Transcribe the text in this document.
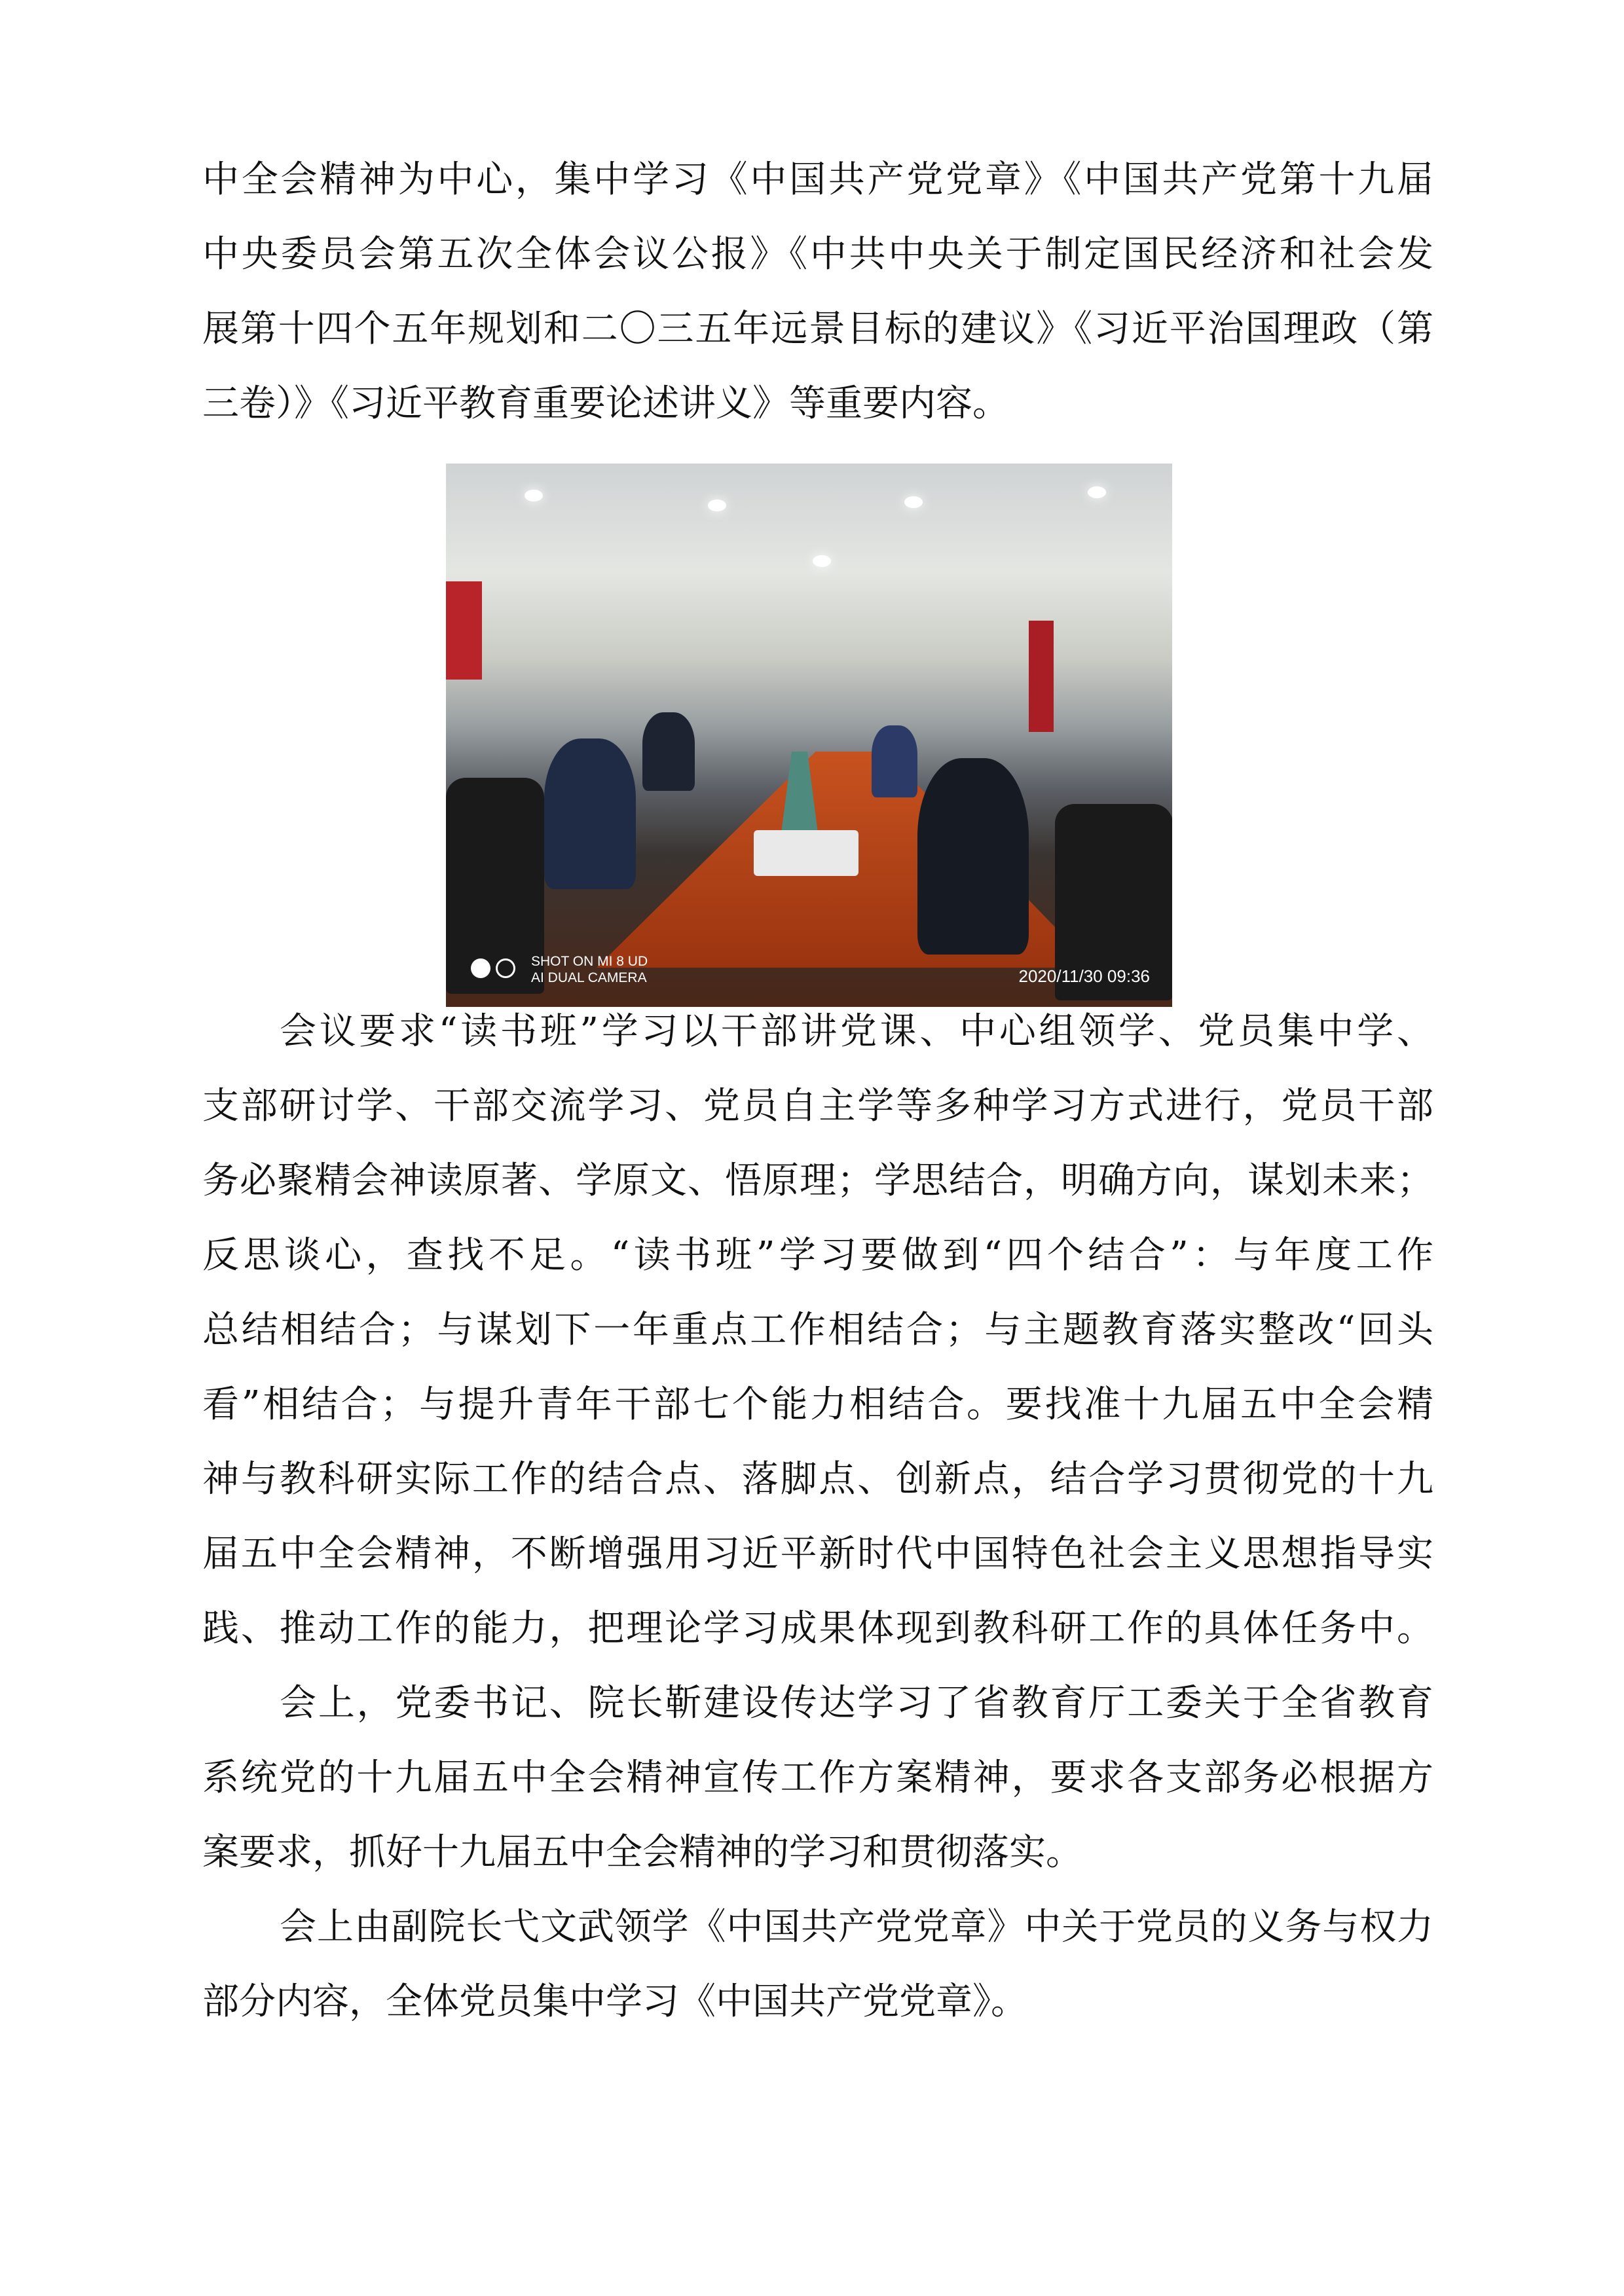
中全会精神为中心，集中学习《中国共产党党章》《中国共产党第十九届
中央委员会第五次全体会议公报》《中共中央关于制定国民经济和社会发
展第十四个五年规划和二〇三五年远景目标的建议》《习近平治国理政（第
三卷）》《习近平教育重要论述讲义》等重要内容。
SHOT ON MI 8 UD
AI DUAL CAMERA	2020/11/30 09:36
会议要求“读书班”学习以干部讲党课、中心组领学、党员集中学、
支部研讨学、干部交流学习、党员自主学等多种学习方式进行，党员干部
务必聚精会神读原著、学原文、悟原理；学思结合，明确方向，谋划未来；
反思谈心，查找不足。“读书班”学习要做到“四个结合”：与年度工作
总结相结合；与谋划下一年重点工作相结合；与主题教育落实整改“回头
看”相结合；与提升青年干部七个能力相结合。要找准十九届五中全会精
神与教科研实际工作的结合点、落脚点、创新点，结合学习贯彻党的十九
届五中全会精神，不断增强用习近平新时代中国特色社会主义思想指导实
践、推动工作的能力，把理论学习成果体现到教科研工作的具体任务中。
会上，党委书记、院长靳建设传达学习了省教育厅工委关于全省教育
系统党的十九届五中全会精神宣传工作方案精神，要求各支部务必根据方
案要求，抓好十九届五中全会精神的学习和贯彻落实。
会上由副院长弋文武领学《中国共产党党章》中关于党员的义务与权力
部分内容，全体党员集中学习《中国共产党党章》。
